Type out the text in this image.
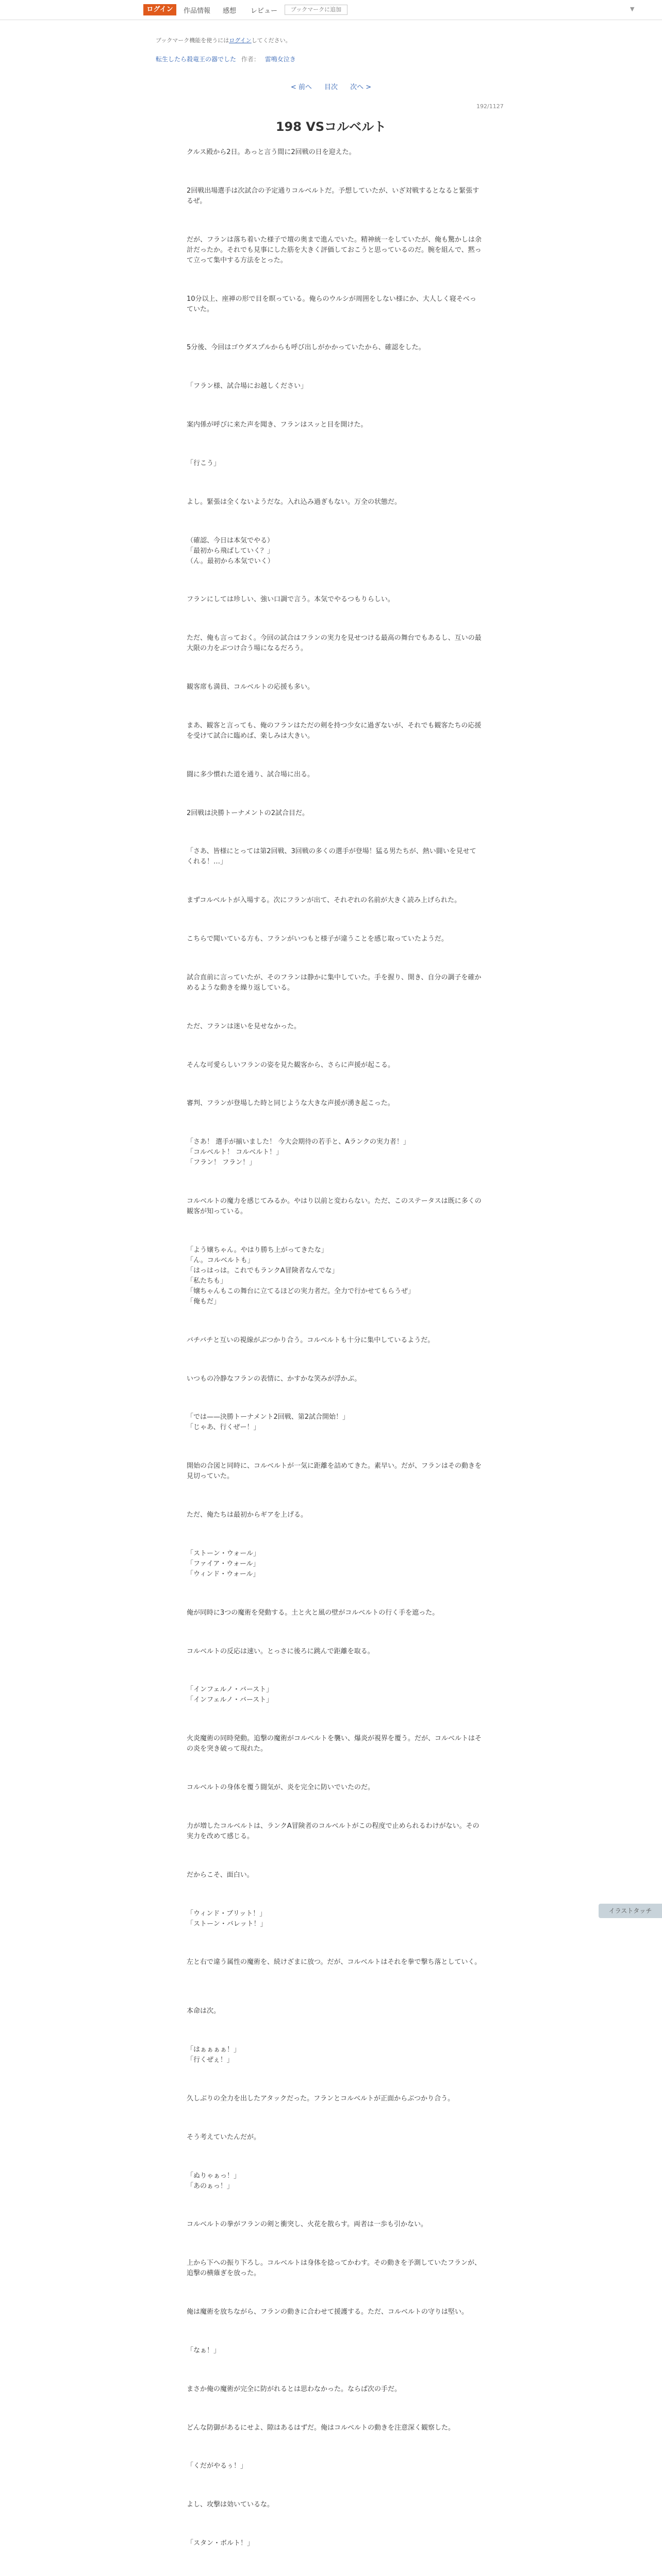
ログイン	作品情報 感想 レビュー	ブックマークに追加	▼
ブックマーク機能を使うにはログインしてください。
転生したら殺竜王の器でした 作者： 雷鳴女泣き
< 前へ 目次 次へ >
192/1127
198 VSコルベルト
クルス殿から2日。あっと言う間に2回戦の日を迎えた。
2回戦出場選手は次試合の予定通りコルベルトだ。予想していたが、いざ対戦するとなると緊張するぜ。
だが、フランは落ち着いた様子で壇の奥まで進んでいた。精神統一をしていたが、俺も驚かしは余計だったか。それでも見事にした筋を大きく評価しておこうと思っているのだ。腕を組んで、黙って立って集中する方法をとった。
10分以上、座禅の形で目を瞑っている。俺らのウルシが周囲をしない様にか、大人しく寝そべっていた。
5分後、今回はゴウダスプルからも呼び出しがかかっていたから、確認をした。
「フラン様、試合場にお越しください」
案内係が呼びに来た声を聞き、フランはスッと目を開けた。
「行こう」
よし。緊張は全くないようだな。入れ込み過ぎもない。万全の状態だ。
（確認、今日は本気でやる）
「最初から飛ばしていく？」
（ん。最初から本気でいく）
フランにしては珍しい、強い口調で言う。本気でやるつもりらしい。
ただ、俺も言っておく。今回の試合はフランの実力を見せつける最高の舞台でもあるし、互いの最大限の力をぶつけ合う場になるだろう。
観客席も満員、コルベルトの応援も多い。
まあ、観客と言っても、俺のフランはただの剣を持つ少女に過ぎないが、それでも観客たちの応援を受けて試合に臨めば、楽しみは大きい。
闘に多少慣れた道を通り、試合場に出る。
2回戦は決勝トーナメントの2試合目だ。
「さあ、皆様にとっては第2回戦、3回戦の多くの選手が登場！猛る男たちが、熱い闘いを見せてくれる！…」
まずコルベルトが入場する。次にフランが出て、それぞれの名前が大きく読み上げられた。
こちらで聞いている方も、フランがいつもと様子が違うことを感じ取っていたようだ。
試合直前に言っていたが、そのフランは静かに集中していた。手を握り、開き、自分の調子を確かめるような動きを繰り返している。
ただ、フランは迷いを見せなかった。
そんな可愛らしいフランの姿を見た観客から、さらに声援が起こる。
審判、フランが登場した時と同じような大きな声援が湧き起こった。
「さあ！ 選手が揃いました！ 今大会期待の若手と、Aランクの実力者！」
「コルベルト！ コルベルト！」
「フラン！ フラン！」
コルベルトの魔力を感じてみるか。やはり以前と変わらない。ただ、このステータスは既に多くの観客が知っている。
「よう嬢ちゃん。やはり勝ち上がってきたな」
「ん。コルベルトも」
「はっはっは。これでもランクA冒険者なんでな」
「私たちも」
「嬢ちゃんもこの舞台に立てるほどの実力者だ。全力で行かせてもらうぜ」
「俺もだ」
バチバチと互いの視線がぶつかり合う。コルベルトも十分に集中しているようだ。
いつもの冷静なフランの表情に、かすかな笑みが浮かぶ。
「では——決勝トーナメント2回戦、第2試合開始！」
「じゃあ、行くぜー！」
開始の合図と同時に、コルベルトが一気に距離を詰めてきた。素早い。だが、フランはその動きを見切っていた。
ただ、俺たちは最初からギアを上げる。
「ストーン・ウォール」
「ファイア・ウォール」
「ウィンド・ウォール」
俺が同時に3つの魔術を発動する。土と火と風の壁がコルベルトの行く手を遮った。
コルベルトの反応は速い。とっさに後ろに跳んで距離を取る。
「インフェルノ・バースト」
「インフェルノ・バースト」
火炎魔術の同時発動。追撃の魔術がコルベルトを襲い、爆炎が視界を覆う。だが、コルベルトはその炎を突き破って現れた。
コルベルトの身体を覆う闘気が、炎を完全に防いでいたのだ。
力が増したコルベルトは、ランクA冒険者のコルベルトがこの程度で止められるわけがない。その実力を改めて感じる。
だからこそ、面白い。
「ウィンド・ブリット！」
「ストーン・バレット！」
左と右で違う属性の魔術を、続けざまに放つ。だが、コルベルトはそれを拳で撃ち落としていく。
本命は次。
「はぁぁぁぁ！」
「行くぜぇ！」
久しぶりの全力を出したアタックだった。フランとコルベルトが正面からぶつかり合う。
そう考えていたんだが。
「ぬりゃぁっ！」
「あのぁっ！」
コルベルトの拳がフランの剣と衝突し、火花を散らす。両者は一歩も引かない。
上から下への振り下ろし。コルベルトは身体を捻ってかわす。その動きを予測していたフランが、追撃の横薙ぎを放った。
俺は魔術を放ちながら、フランの動きに合わせて援護する。ただ、コルベルトの守りは堅い。
「なぁ！」
まさか俺の魔術が完全に防がれるとは思わなかった。ならば次の手だ。
どんな防御があるにせよ、隙はあるはずだ。俺はコルベルトの動きを注意深く観察した。
「くだがやるぅ！」
よし、攻撃は効いているな。
「スタン・ボルト！」
イラストタッチ
